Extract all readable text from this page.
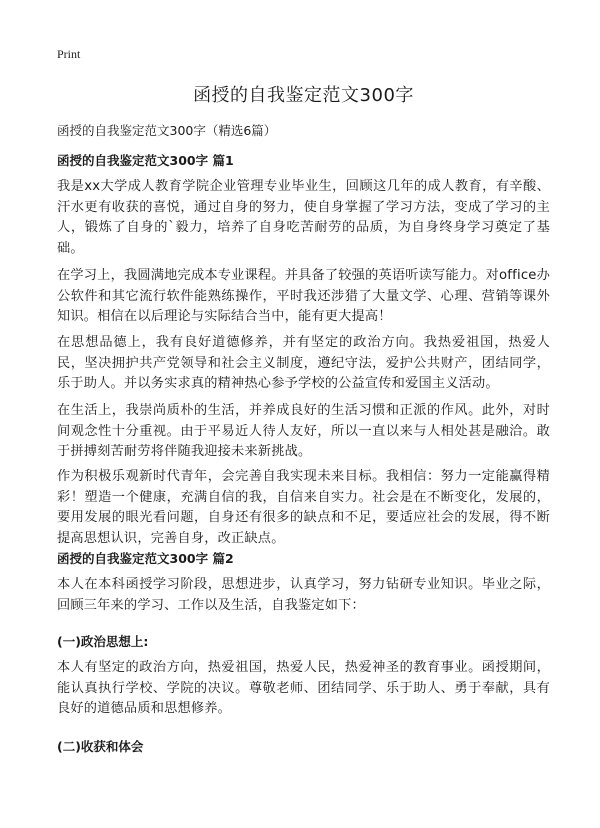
Print
函授的自我鉴定范文300字
函授的自我鉴定范文300字（精选6篇）
函授的自我鉴定范文300字 篇1

我是xx大学成人教育学院企业管理专业毕业生，回顾这几年的成人教育，有辛酸、汗水更有收获的喜悦，通过自身的努力，使自身掌握了学习方法，变成了学习的主人，锻炼了自身的`毅力，培养了自身吃苦耐劳的品质，为自身终身学习奠定了基础。

在学习上，我圆满地完成本专业课程。并具备了较强的英语听读写能力。对office办公软件和其它流行软件能熟练操作，平时我还涉猎了大量文学、心理、营销等课外知识。相信在以后理论与实际结合当中，能有更大提高！

在思想品德上，我有良好道德修养，并有坚定的政治方向。我热爱祖国，热爱人民，坚决拥护共产党领导和社会主义制度，遵纪守法，爱护公共财产，团结同学，乐于助人。并以务实求真的精神热心参予学校的公益宣传和爱国主义活动。

在生活上，我崇尚质朴的生活，并养成良好的生活习惯和正派的作风。此外，对时间观念性十分重视。由于平易近人待人友好，所以一直以来与人相处甚是融洽。敢于拼搏刻苦耐劳将伴随我迎接未来新挑战。

作为积极乐观新时代青年，会完善自我实现未来目标。我相信：努力一定能赢得精彩！塑造一个健康，充满自信的我，自信来自实力。社会是在不断变化，发展的，要用发展的眼光看问题，自身还有很多的缺点和不足，要适应社会的发展，得不断提高思想认识，完善自身，改正缺点。

函授的自我鉴定范文300字 篇2

本人在本科函授学习阶段，思想进步，认真学习，努力钻研专业知识。毕业之际，回顾三年来的学习、工作以及生活，自我鉴定如下：

(一)政治思想上:

本人有坚定的政治方向，热爱祖国，热爱人民，热爱神圣的教育事业。函授期间，能认真执行学校、学院的决议。尊敬老师、团结同学、乐于助人、勇于奉献，具有良好的道德品质和思想修养。

(二)收获和体会
